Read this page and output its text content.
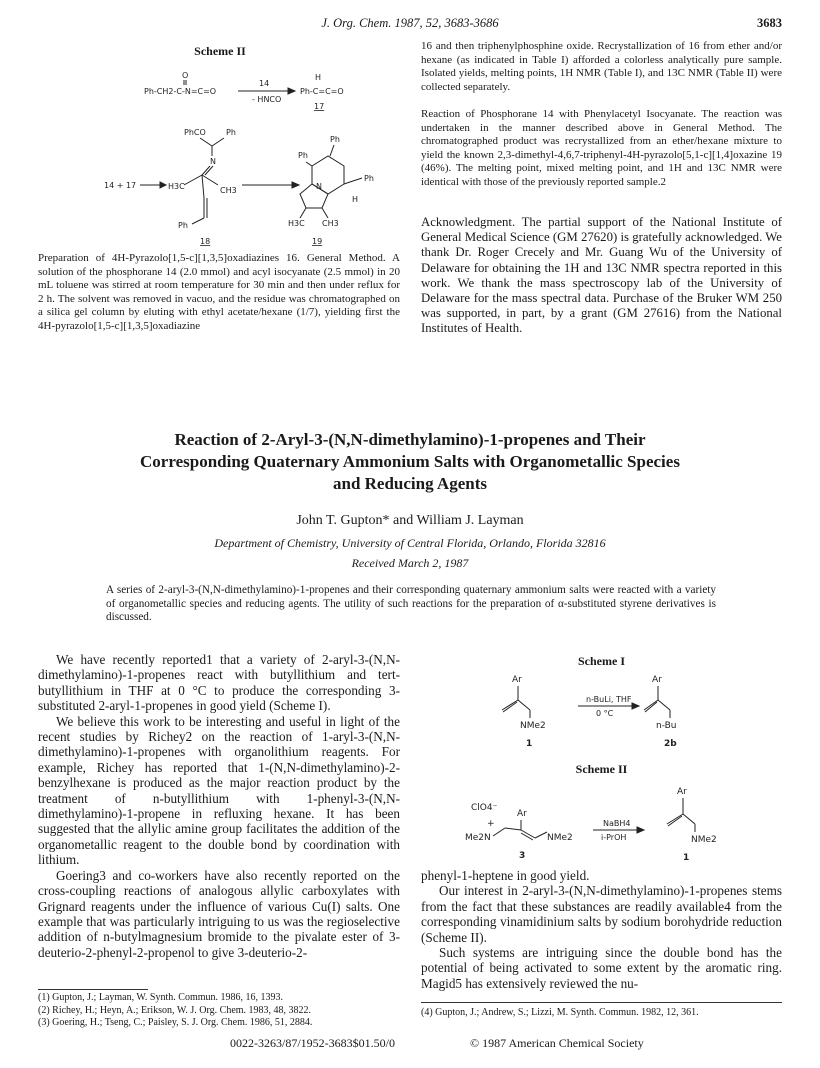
J. Org. Chem. 1987, 52, 3683-3686	3683
Scheme II
O
Ph-CH2-C-N=C=O
14
- HNCO
H
Ph-C=C=O
17
PhCO	Ph
N
14 + 17	H3C	CH3
Ph
18
Ph
Ph
Ph
N
H
H3C CH3
19
Preparation of 4H-Pyrazolo[1,5-c][1,3,5]oxadiazines 16. General Method. A solution of the phosphorane 14 (2.0 mmol) and acyl isocyanate (2.5 mmol) in 20 mL toluene was stirred at room temperature for 30 min and then under reflux for 2 h. The solvent was removed in vacuo, and the residue was chromatographed on a silica gel column by eluting with ethyl acetate/hexane (1/7), yielding first the 4H-pyrazolo[1,5-c][1,3,5]oxadiazine
16 and then triphenylphosphine oxide. Recrystallization of 16 from ether and/or hexane (as indicated in Table I) afforded a colorless analytically pure sample. Isolated yields, melting points, 1H NMR (Table I), and 13C NMR (Table II) were collected separately.
Reaction of Phosphorane 14 with Phenylacetyl Isocyanate. The reaction was undertaken in the manner described above in General Method. The chromatographed product was recrystallized from an ether/hexane mixture to yield the known 2,3-dimethyl-4,6,7-triphenyl-4H-pyrazolo[5,1-c][1,4]oxazine 19 (46%). The melting point, mixed melting point, and 1H and 13C NMR were identical with those of the previously reported sample.2
Acknowledgment. The partial support of the National Institute of General Medical Science (GM 27620) is gratefully acknowledged. We thank Dr. Roger Crecely and Mr. Guang Wu of the University of Delaware for obtaining the 1H and 13C NMR spectra reported in this work. We thank the mass spectroscopy lab of the University of Delaware for the mass spectral data. Purchase of the Bruker WM 250 was supported, in part, by a grant (GM 27616) from the National Institutes of Health.
Reaction of 2-Aryl-3-(N,N-dimethylamino)-1-propenes and Their
Corresponding Quaternary Ammonium Salts with Organometallic Species
and Reducing Agents
John T. Gupton* and William J. Layman
Department of Chemistry, University of Central Florida, Orlando, Florida 32816
Received March 2, 1987
A series of 2-aryl-3-(N,N-dimethylamino)-1-propenes and their corresponding quaternary ammonium salts were reacted with a variety of organometallic species and reducing agents. The utility of such reactions for the preparation of α-substituted styrene derivatives is discussed.

We have recently reported1 that a variety of 2-aryl-3-(N,N-dimethylamino)-1-propenes react with butyllithium and tert-butyllithium in THF at 0 °C to produce the corresponding 3-substituted 2-aryl-1-propenes in good yield (Scheme I).

We believe this work to be interesting and useful in light of the recent studies by Richey2 on the reaction of 1-aryl-3-(N,N-dimethylamino)-1-propenes with organolithium reagents. For example, Richey has reported that 1-(N,N-dimethylamino)-2-benzylhexane is produced as the major reaction product by the treatment of n-butyllithium with 1-phenyl-3-(N,N-dimethylamino)-1-propene in refluxing hexane. It has been suggested that the allylic amine group facilitates the addition of the organometallic reagent to the double bond by coordination with lithium.

Goering3 and co-workers have also recently reported on the cross-coupling reactions of analogous allylic carboxylates with Grignard reagents under the influence of various Cu(I) salts. One example that was particularly intriguing to us was the regioselective addition of n-butylmagnesium bromide to the pivalate ester of 3-deuterio-2-phenyl-2-propenol to give 3-deuterio-2-

(1) Gupton, J.; Layman, W. Synth. Commun. 1986, 16, 1393.
(2) Richey, H.; Heyn, A.; Erikson, W. J. Org. Chem. 1983, 48, 3822.
(3) Goering, H.; Tseng, C.; Paisley, S. J. Org. Chem. 1986, 51, 2884.
Scheme I
Ar
NMe2
1
n-BuLi, THF
0 °C
Ar
n-Bu
2b
Scheme II
ClO4⁻
Ar
+
Me2N	NMe2
3
NaBH4
i-PrOH
Ar
NMe2
1

phenyl-1-heptene in good yield.

Our interest in 2-aryl-3-(N,N-dimethylamino)-1-propenes stems from the fact that these substances are readily available4 from the corresponding vinamidinium salts by sodium borohydride reduction (Scheme II).

Such systems are intriguing since the double bond has the potential of being activated to some extent by the aromatic ring. Magid5 has extensively reviewed the nu-

(4) Gupton, J.; Andrew, S.; Lizzi, M. Synth. Commun. 1982, 12, 361.
0022-3263/87/1952-3683$01.50/0	© 1987 American Chemical Society
